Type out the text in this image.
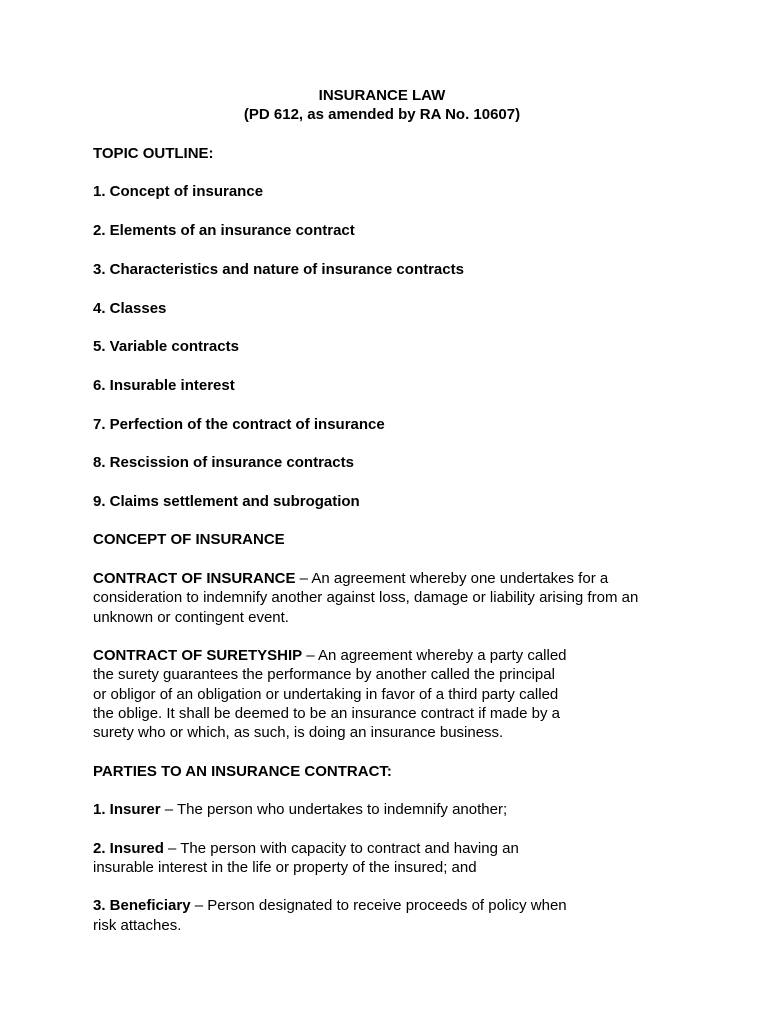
INSURANCE LAW
(PD 612, as amended by RA No. 10607)
TOPIC OUTLINE:
1. Concept of insurance
2. Elements of an insurance contract
3. Characteristics and nature of insurance contracts
4. Classes
5. Variable contracts
6. Insurable interest
7. Perfection of the contract of insurance
8. Rescission of insurance contracts
9. Claims settlement and subrogation
CONCEPT OF INSURANCE
CONTRACT OF INSURANCE – An agreement whereby one undertakes for a
consideration to indemnify another against loss, damage or liability arising from an
unknown or contingent event.
CONTRACT OF SURETYSHIP – An agreement whereby a party called
the surety guarantees the performance by another called the principal
or obligor of an obligation or undertaking in favor of a third party called
the oblige. It shall be deemed to be an insurance contract if made by a
surety who or which, as such, is doing an insurance business.
PARTIES TO AN INSURANCE CONTRACT:
1. Insurer – The person who undertakes to indemnify another;
2. Insured – The person with capacity to contract and having an
insurable interest in the life or property of the insured; and
3. Beneficiary – Person designated to receive proceeds of policy when
risk attaches.
